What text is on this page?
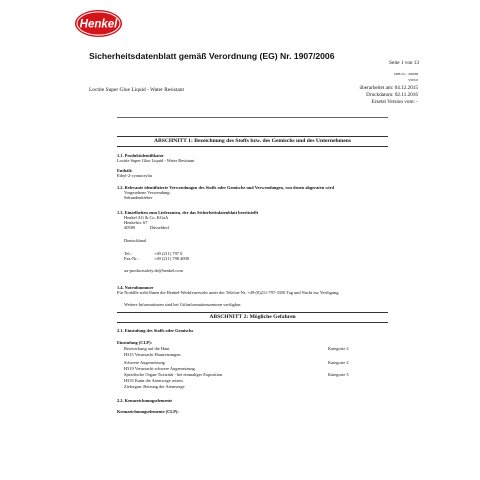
Henkel
Sicherheitsdatenblatt gemäß Verordnung (EG) Nr. 1907/2006
Seite 1 von 13
SDB-Nr. : 430668
V003.0
Loctite Super Glue Liquid - Water Resistant	überarbeitet am: 04.12.2015
Druckdatum: 02.11.2016
Ersetzt Version vom: -
ABSCHNITT 1: Bezeichnung des Stoffs bzw. des Gemischs und des Unternehmens
1.1. Produktidentifikator
Loctite Super Glue Liquid - Water Resistant
Enthält:
Ethyl-2-cyanacrylat
1.2. Relevante identifizierte Verwendungen des Stoffs oder Gemische und Verwendungen, von denen abgeraten wird
Vorgesehene Verwendung:
Sekundenkleber
1.3. Einzelheiten zum Lieferanten, der das Sicherheitsdatenblatt bereitstellt
Henkel AG & Co. KGaA
Henkelstr. 67
40589	Düsseldorf
Deutschland
Tel.:	+49 (211) 797 0
Fax-Nr.:	+49 (211) 798 4008
ua-productsafety.de@henkel.com
1.4. Notrufnummer
Für Notfälle steht Ihnen die Henkel-Werkfeuerwehr unter der Telefon-Nr. +49-(0)211-797-3350 Tag und Nacht zur Verfügung.
Weitere Informationen sind bei Giftinformationszentren verfügbar.
ABSCHNITT 2: Mögliche Gefahren
2.1. Einstufung des Stoffs oder Gemischs
Einstufung (CLP):
Reizwirkung auf die Haut	Kategorie 2
H315 Verursacht Hautreizungen.
Schwere Augenreizung	Kategorie 2
H319 Verursacht schwere Augenreizung.
Spezifische Organ-Toxizität - bei einmaliger Exposition	Kategorie 3
H335 Kann die Atemwege reizen.
Zielorgan: Reizung der Atemwege
2.2. Kennzeichnungselemente
Kennzeichnungselemente (CLP):
